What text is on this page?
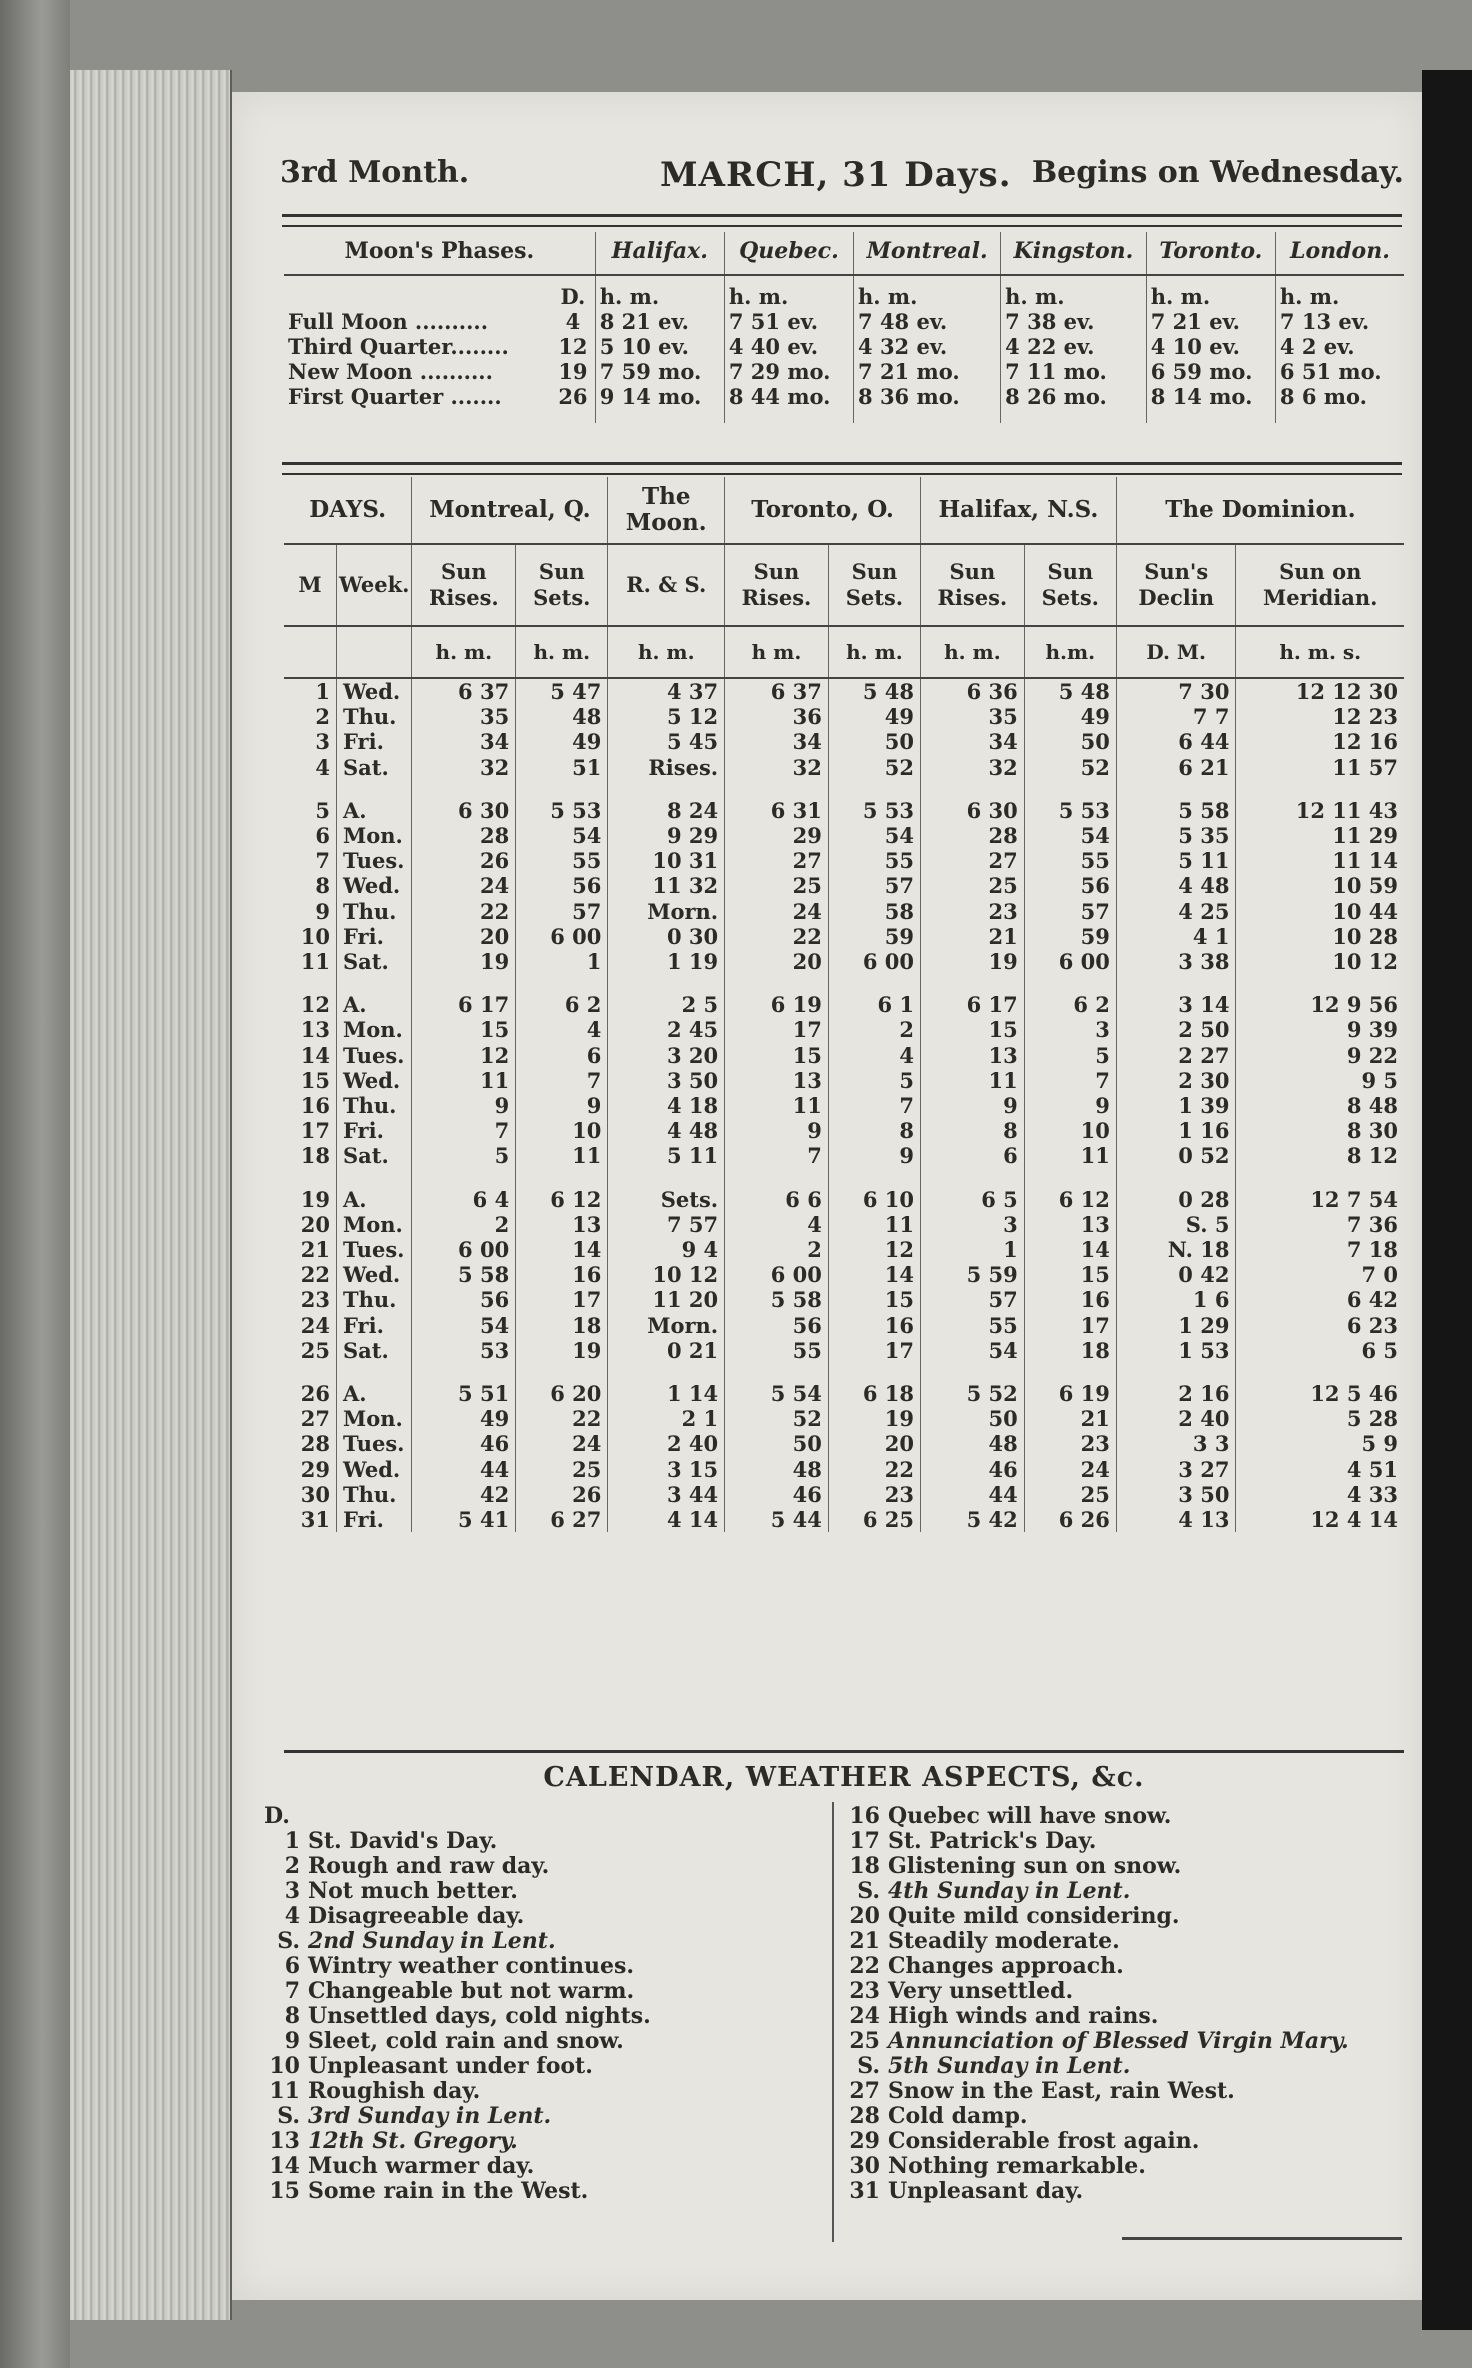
3rd Month.	MARCH, 31 Days. Begins on Wednesday.
Moon's Phases.		Halifax.	Quebec.	Montreal.	Kingston.	Toronto.	London.
	D.	h. m.	h. m.	h. m.	h. m.	h. m.	h. m.
Full Moon ..........	4	8 21 ev.	7 51 ev.	7 48 ev.	7 38 ev.	7 21 ev.	7 13 ev.
Third Quarter........	12	5 10 ev.	4 40 ev.	4 32 ev.	4 22 ev.	4 10 ev.	4 2 ev.
New Moon ..........	19	7 59 mo.	7 29 mo.	7 21 mo.	7 11 mo.	6 59 mo.	6 51 mo.
First Quarter .......	26	9 14 mo.	8 44 mo.	8 36 mo.	8 26 mo.	8 14 mo.	8 6 mo.
DAYS.		Montreal, Q.		The Moon.	Toronto, O.		Halifax, N.S.		The Dominion.	
M	Week.	Sun Rises.	Sun Sets.	R. & S.	Sun Rises.	Sun Sets.	Sun Rises.	Sun Sets.	Sun's Declin	Sun on Meridian.
		h. m.	h. m.	h. m.	h m.	h. m.	h. m.	h.m.	D. M.	h. m. s.
1	Wed.	6 37	5 47	4 37	6 37	5 48	6 36	5 48	7 30	12 12 30
2	Thu.	35	48	5 12	36	49	35	49	7 7	12 23
3	Fri.	34	49	5 45	34	50	34	50	6 44	12 16
4	Sat.	32	51	Rises.	32	52	32	52	6 21	11 57
5	A.	6 30	5 53	8 24	6 31	5 53	6 30	5 53	5 58	12 11 43
6	Mon.	28	54	9 29	29	54	28	54	5 35	11 29
7	Tues.	26	55	10 31	27	55	27	55	5 11	11 14
8	Wed.	24	56	11 32	25	57	25	56	4 48	10 59
9	Thu.	22	57	Morn.	24	58	23	57	4 25	10 44
10	Fri.	20	6 00	0 30	22	59	21	59	4 1	10 28
11	Sat.	19	1	1 19	20	6 00	19	6 00	3 38	10 12
12	A.	6 17	6 2	2 5	6 19	6 1	6 17	6 2	3 14	12 9 56
13	Mon.	15	4	2 45	17	2	15	3	2 50	9 39
14	Tues.	12	6	3 20	15	4	13	5	2 27	9 22
15	Wed.	11	7	3 50	13	5	11	7	2 30	9 5
16	Thu.	9	9	4 18	11	7	9	9	1 39	8 48
17	Fri.	7	10	4 48	9	8	8	10	1 16	8 30
18	Sat.	5	11	5 11	7	9	6	11	0 52	8 12
19	A.	6 4	6 12	Sets.	6 6	6 10	6 5	6 12	0 28	12 7 54
20	Mon.	2	13	7 57	4	11	3	13	S. 5	7 36
21	Tues.	6 00	14	9 4	2	12	1	14	N. 18	7 18
22	Wed.	5 58	16	10 12	6 00	14	5 59	15	0 42	7 0
23	Thu.	56	17	11 20	5 58	15	57	16	1 6	6 42
24	Fri.	54	18	Morn.	56	16	55	17	1 29	6 23
25	Sat.	53	19	0 21	55	17	54	18	1 53	6 5
26	A.	5 51	6 20	1 14	5 54	6 18	5 52	6 19	2 16	12 5 46
27	Mon.	49	22	2 1	52	19	50	21	2 40	5 28
28	Tues.	46	24	2 40	50	20	48	23	3 3	5 9
29	Wed.	44	25	3 15	48	22	46	24	3 27	4 51
30	Thu.	42	26	3 44	46	23	44	25	3 50	4 33
31	Fri.	5 41	6 27	4 14	5 44	6 25	5 42	6 26	4 13	12 4 14
CALENDAR, WEATHER ASPECTS, &c.
D.
1 St. David's Day.
2 Rough and raw day.
3 Not much better.
4 Disagreeable day.
S. 2nd Sunday in Lent.
6 Wintry weather continues.
7 Changeable but not warm.
8 Unsettled days, cold nights.
9 Sleet, cold rain and snow.
10 Unpleasant under foot.
11 Roughish day.
S. 3rd Sunday in Lent.
13 12th St. Gregory.
14 Much warmer day.
15 Some rain in the West.
16 Quebec will have snow.
17 St. Patrick's Day.
18 Glistening sun on snow.
S. 4th Sunday in Lent.
20 Quite mild considering.
21 Steadily moderate.
22 Changes approach.
23 Very unsettled.
24 High winds and rains.
25 Annunciation of Blessed Virgin Mary.
S. 5th Sunday in Lent.
27 Snow in the East, rain West.
28 Cold damp.
29 Considerable frost again.
30 Nothing remarkable.
31 Unpleasant day.
